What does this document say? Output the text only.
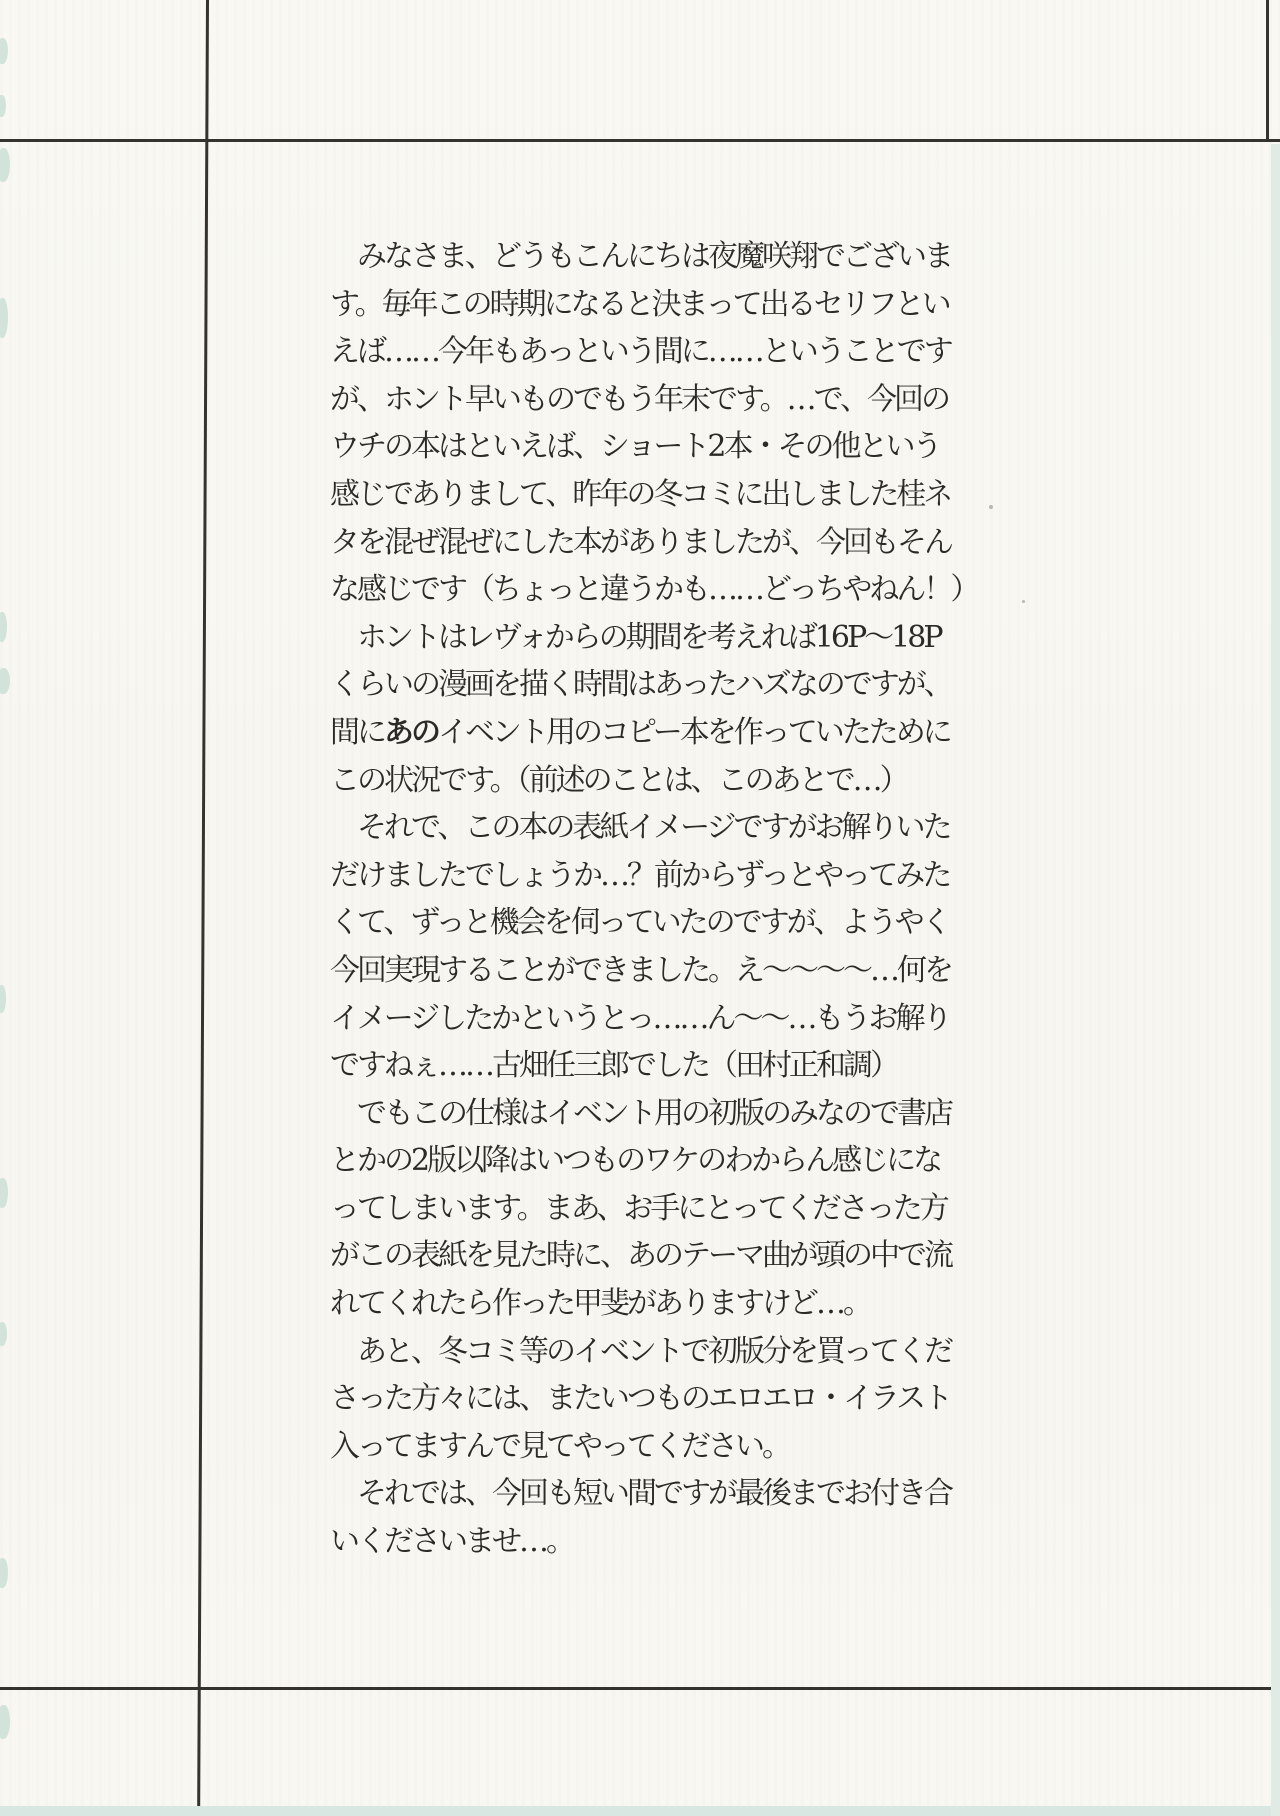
　みなさま、どうもこんにちは夜魔咲翔でございま
す。毎年この時期になると決まって出るセリフとい
えば……今年もあっという間に……ということです
が、ホント早いものでもう年末です。…で、今回の
ウチの本はといえば、ショート2本・その他という
感じでありまして、昨年の冬コミに出しました桂ネ
タを混ぜ混ぜにした本がありましたが、今回もそん
な感じです（ちょっと違うかも……どっちやねん！）
　ホントはレヴォからの期間を考えれば16P～18P
くらいの漫画を描く時間はあったハズなのですが、
間にあのイベント用のコピー本を作っていたために
この状況です。（前述のことは、このあとで…）
　それで、この本の表紙イメージですがお解りいた
だけましたでしょうか…？前からずっとやってみた
くて、ずっと機会を伺っていたのですが、ようやく
今回実現することができました。え～～～～…何を
イメージしたかというとっ……ん～～…もうお解り
ですねぇ……古畑任三郎でした（田村正和調）
　でもこの仕様はイベント用の初版のみなので書店
とかの2版以降はいつものワケのわからん感じにな
ってしまいます。まあ、お手にとってくださった方
がこの表紙を見た時に、あのテーマ曲が頭の中で流
れてくれたら作った甲斐がありますけど…。
　あと、冬コミ等のイベントで初版分を買ってくだ
さった方々には、またいつものエロエロ・イラスト
入ってますんで見てやってください。
　それでは、今回も短い間ですが最後までお付き合
いくださいませ…。
